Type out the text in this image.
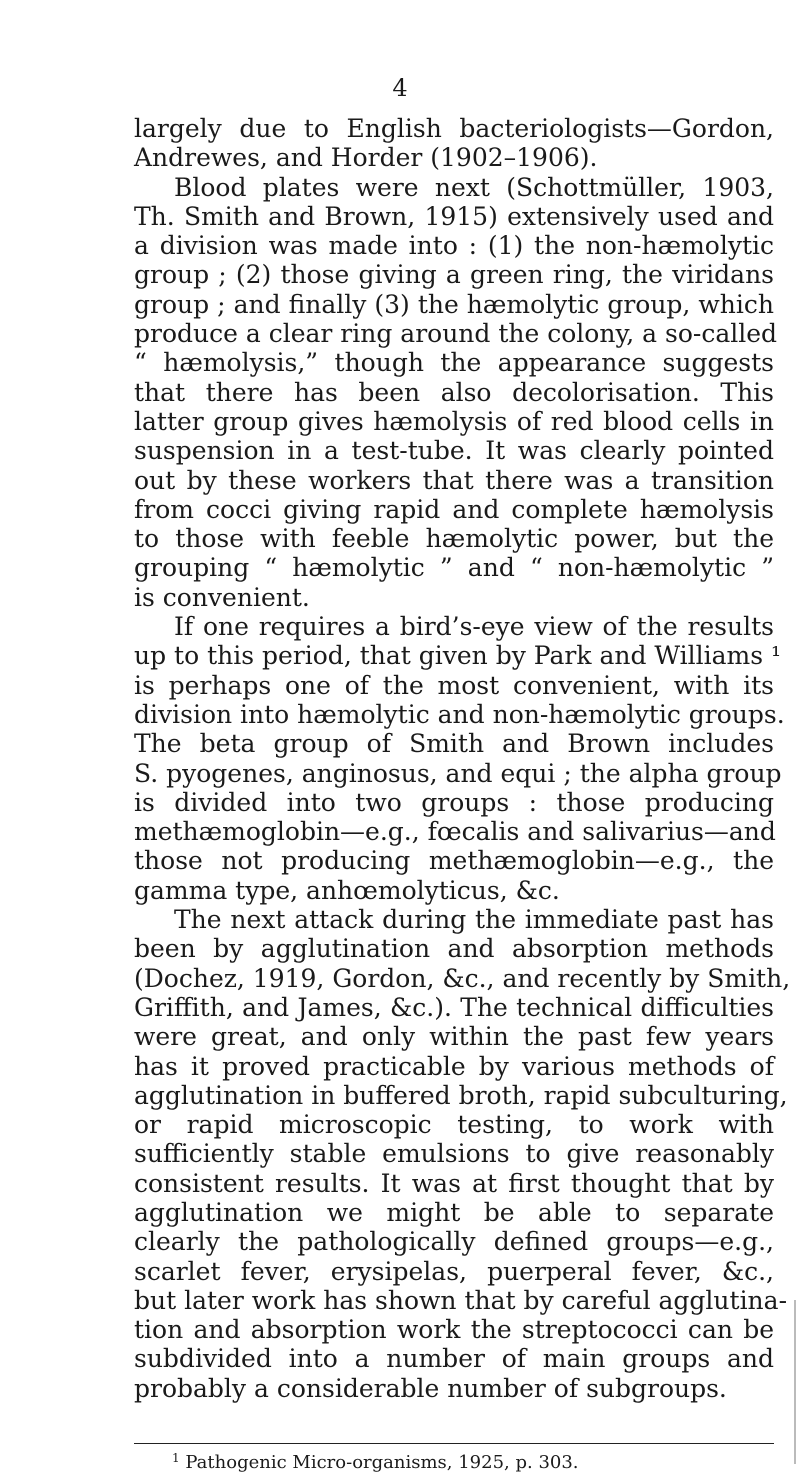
4
largely due to English bacteriologists—Gordon,
Andrewes, and Horder (1902–1906).
Blood plates were next (Schottmüller, 1903,
Th. Smith and Brown, 1915) extensively used and
a division was made into : (1) the non-hæmolytic
group ; (2) those giving a green ring, the viridans
group ; and finally (3) the hæmolytic group, which
produce a clear ring around the colony, a so-called
“ hæmolysis,” though the appearance suggests
that there has been also decolorisation. This
latter group gives hæmolysis of red blood cells in
suspension in a test-tube. It was clearly pointed
out by these workers that there was a transition
from cocci giving rapid and complete hæmolysis
to those with feeble hæmolytic power, but the
grouping “ hæmolytic ” and “ non-hæmolytic ”
is convenient.
If one requires a bird’s-eye view of the results
up to this period, that given by Park and Williams ¹
is perhaps one of the most convenient, with its
division into hæmolytic and non-hæmolytic groups.
The beta group of Smith and Brown includes
S. pyogenes, anginosus, and equi ; the alpha group
is divided into two groups : those producing
methæmoglobin—e.g., fœcalis and salivarius—and
those not producing methæmoglobin—e.g., the
gamma type, anhœmolyticus, &c.
The next attack during the immediate past has
been by agglutination and absorption methods
(Dochez, 1919, Gordon, &c., and recently by Smith,
Griffith, and James, &c.). The technical difficulties
were great, and only within the past few years
has it proved practicable by various methods of
agglutination in buffered broth, rapid subculturing,
or rapid microscopic testing, to work with
sufficiently stable emulsions to give reasonably
consistent results. It was at first thought that by
agglutination we might be able to separate
clearly the pathologically defined groups—e.g.,
scarlet fever, erysipelas, puerperal fever, &c.,
but later work has shown that by careful agglutina-
tion and absorption work the streptococci can be
subdivided into a number of main groups and
probably a considerable number of subgroups.
$^1$ Pathogenic Micro-organisms, 1925, p. 303.
